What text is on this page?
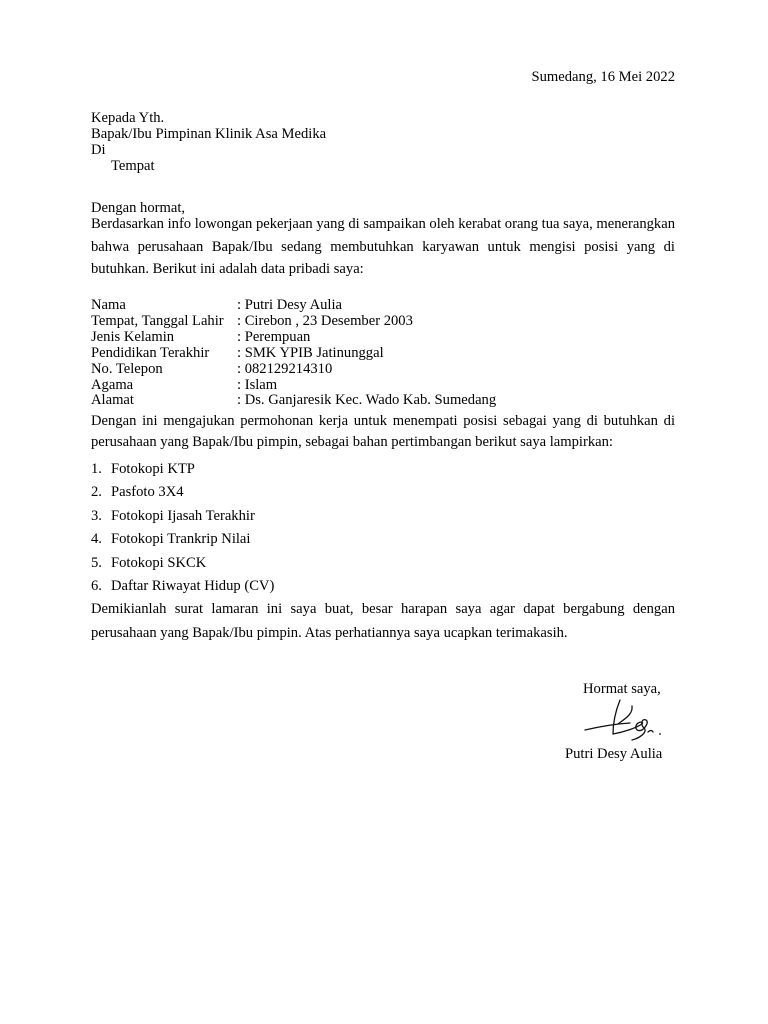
Sumedang, 16 Mei 2022
Kepada Yth.
Bapak/Ibu Pimpinan Klinik Asa Medika
Di
Tempat
Dengan hormat,
Berdasarkan info lowongan pekerjaan yang di sampaikan oleh kerabat orang tua saya, menerangkan bahwa perusahaan Bapak/Ibu sedang membutuhkan karyawan untuk mengisi posisi yang di butuhkan. Berikut ini adalah data pribadi saya:
Nama	: Putri Desy Aulia
Tempat, Tanggal Lahir	: Cirebon , 23 Desember 2003
Jenis Kelamin	: Perempuan
Pendidikan Terakhir	: SMK YPIB Jatinunggal
No. Telepon	: 082129214310
Agama	: Islam
Alamat	: Ds. Ganjaresik Kec. Wado Kab. Sumedang
Dengan ini mengajukan permohonan kerja untuk menempati posisi sebagai yang di butuhkan di perusahaan yang Bapak/Ibu pimpin, sebagai bahan pertimbangan berikut saya lampirkan:
1. Fotokopi KTP
2. Pasfoto 3X4
3. Fotokopi Ijasah Terakhir
4. Fotokopi Trankrip Nilai
5. Fotokopi SKCK
6. Daftar Riwayat Hidup (CV)
Demikianlah surat lamaran ini saya buat, besar harapan saya agar dapat bergabung dengan perusahaan yang Bapak/Ibu pimpin. Atas perhatiannya saya ucapkan terimakasih.
Hormat saya,
Putri Desy Aulia
